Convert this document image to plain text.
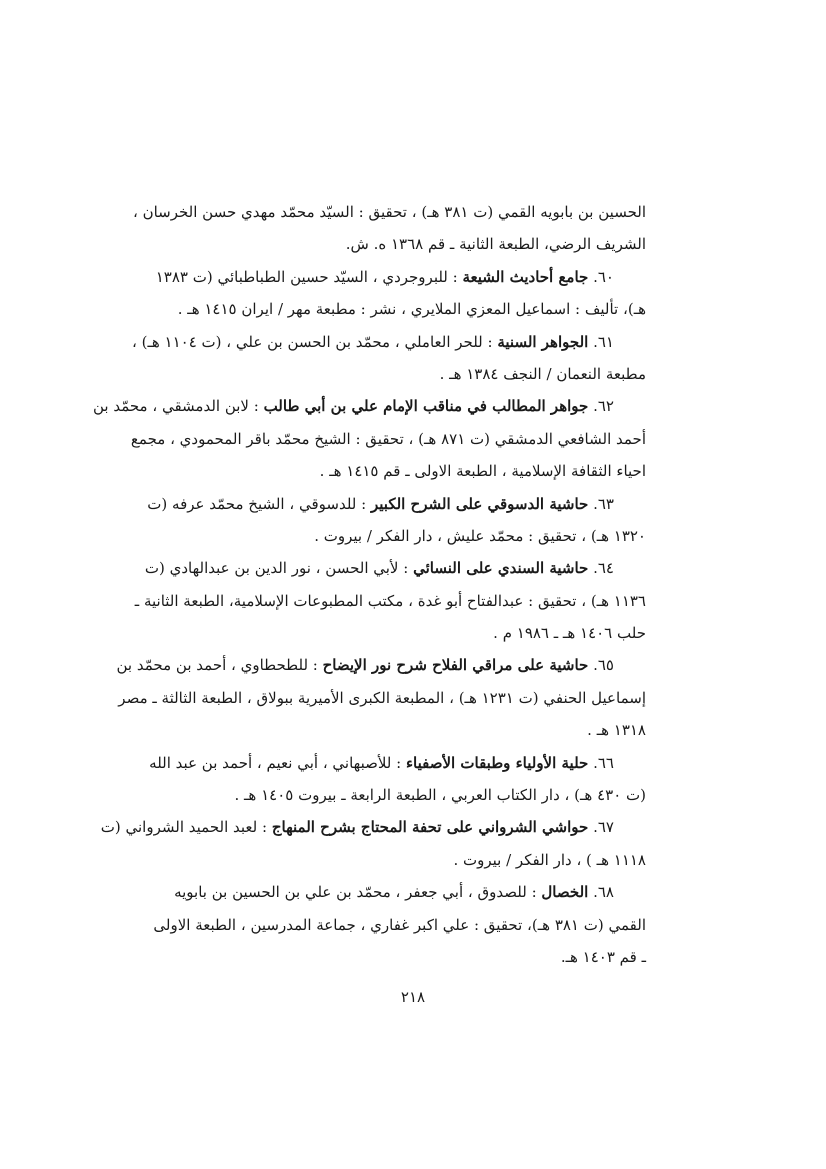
الحسين بن بابويه القمي (ت ٣٨١ هـ) ، تحقيق : السيّد محمّد مهدي حسن الخرسان ،
الشريف الرضي، الطبعة الثانية ـ قم ١٣٦٨ ه. ش.
٦٠. جامع أحاديث الشيعة : للبروجردي ، السيّد حسين الطباطبائي (ت ١٣٨٣
هـ)، تأليف : اسماعيل المعزي الملايري ، نشر : مطبعة مهر / ايران ١٤١٥ هـ .
٦١. الجواهر السنية : للحر العاملي ، محمّد بن الحسن بن علي ، (ت ١١٠٤ هـ) ،
مطبعة النعمان / النجف ١٣٨٤ هـ .
٦٢. جواهر المطالب في مناقب الإمام علي بن أبي طالب : لابن الدمشقي ، محمّد بن
أحمد الشافعي الدمشقي (ت ٨٧١ هـ) ، تحقيق : الشيخ محمّد باقر المحمودي ، مجمع
احياء الثقافة الإسلامية ، الطبعة الاولى ـ قم ١٤١٥ هـ .
٦٣. حاشية الدسوقي على الشرح الكبير : للدسوقي ، الشيخ محمّد عرفه (ت
١٣٢٠ هـ) ، تحقيق : محمّد عليش ، دار الفكر / بيروت .
٦٤. حاشية السندي على النسائي : لأبي الحسن ، نور الدين بن عبدالهادي (ت
١١٣٦ هـ) ، تحقيق : عبدالفتاح أبو غدة ، مكتب المطبوعات الإسلامية، الطبعة الثانية ـ
حلب ١٤٠٦ هـ ـ ١٩٨٦ م .
٦٥. حاشية على مراقي الفلاح شرح نور الإيضاح : للطحطاوي ، أحمد بن محمّد بن
إسماعيل الحنفي (ت ١٢٣١ هـ) ، المطبعة الكبرى الأميرية ببولاق ، الطبعة الثالثة ـ مصر
١٣١٨ هـ .
٦٦. حلية الأولياء وطبقات الأصفياء : للأصبهاني ، أبي نعيم ، أحمد بن عبد الله
(ت ٤٣٠ هـ) ، دار الكتاب العربي ، الطبعة الرابعة ـ بيروت ١٤٠٥ هـ .
٦٧. حواشي الشرواني على تحفة المحتاج بشرح المنهاج : لعبد الحميد الشرواني (ت
١١١٨ هـ ) ، دار الفكر / بيروت .
٦٨. الخصال : للصدوق ، أبي جعفر ، محمّد بن علي بن الحسين بن بابويه
القمي (ت ٣٨١ هـ)، تحقيق : علي اكبر غفاري ، جماعة المدرسين ، الطبعة الاولى
ـ قم ١٤٠٣ هـ.
٢١٨
